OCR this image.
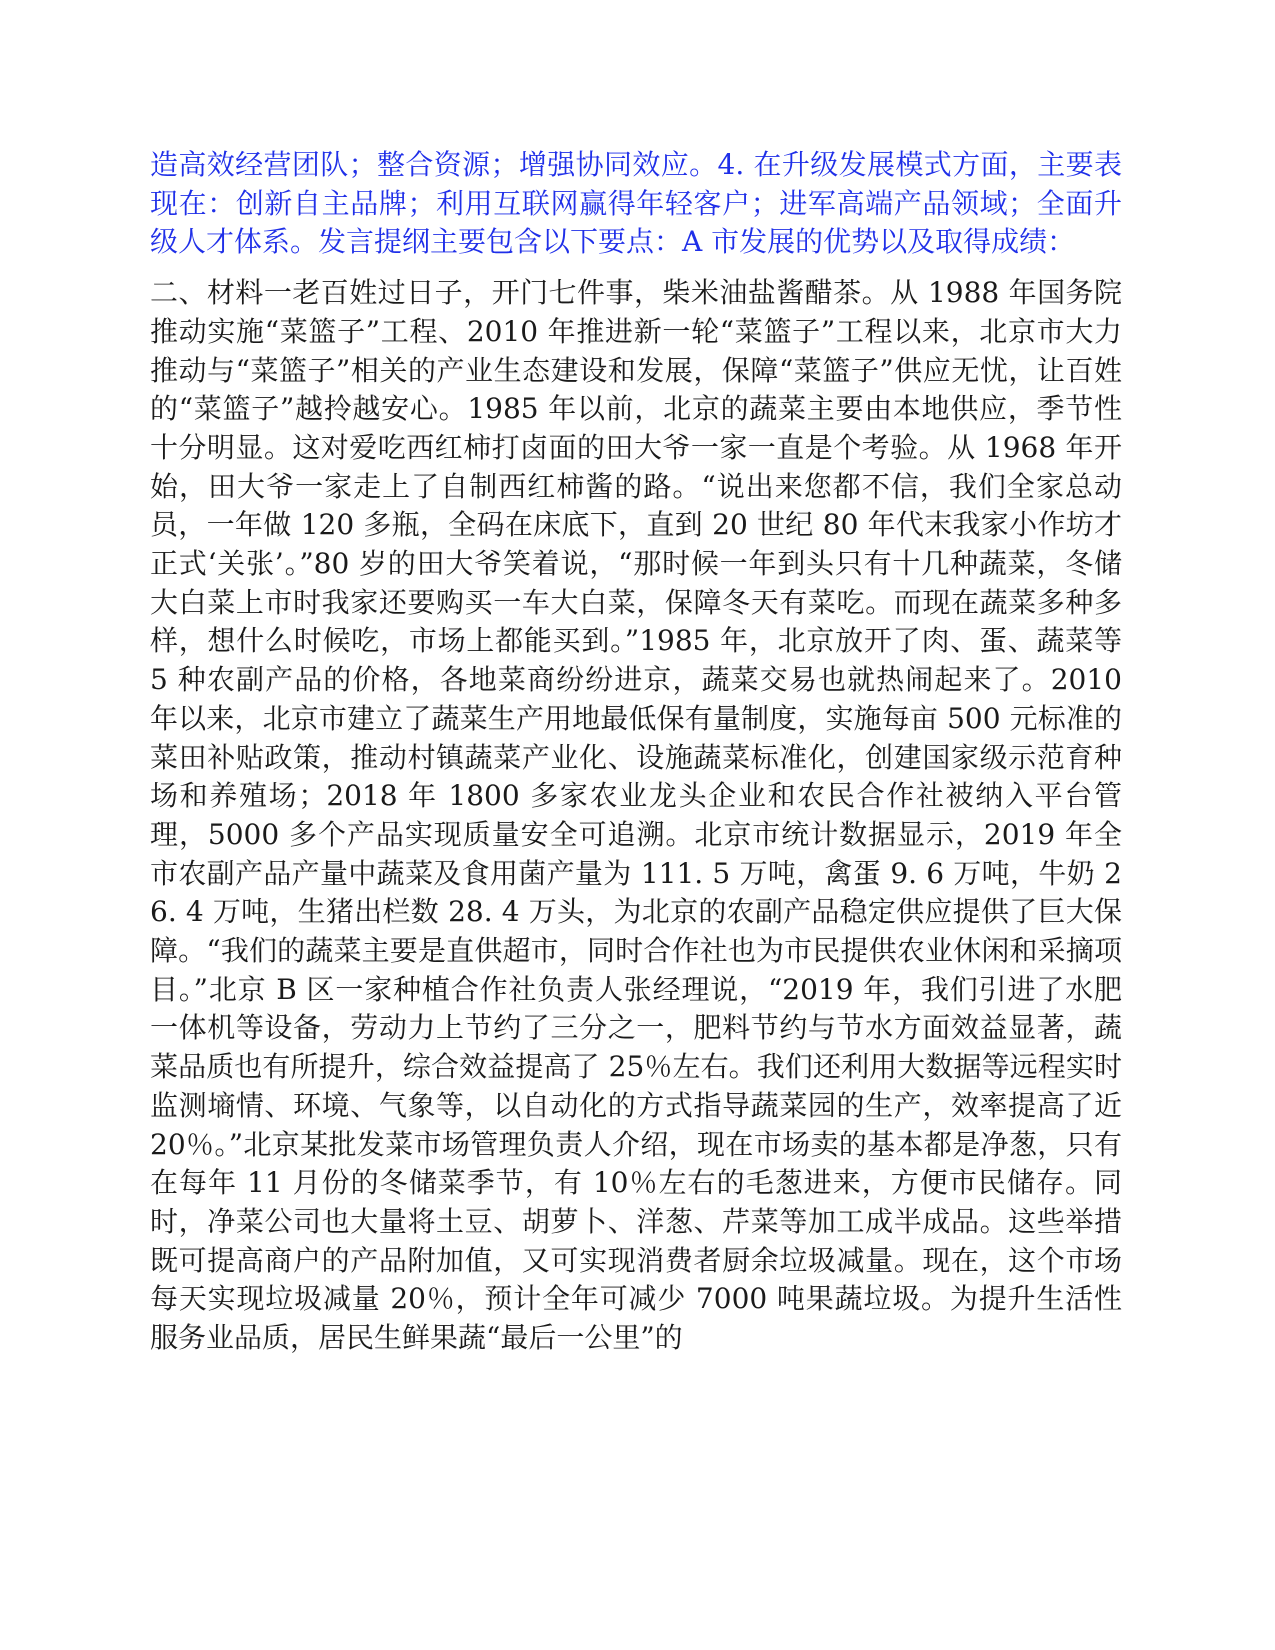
造高效经营团队；整合资源；增强协同效应。4. 在升级发展模式方面，主要表现在：创新自主品牌；利用互联网赢得年轻客户；进军高端产品领域；全面升级人才体系。发言提纲主要包含以下要点：A 市发展的优势以及取得成绩：

二、材料一老百姓过日子，开门七件事，柴米油盐酱醋茶。从 1988 年国务院推动实施“菜篮子”工程、2010 年推进新一轮“菜篮子”工程以来，北京市大力推动与“菜篮子”相关的产业生态建设和发展，保障“菜篮子”供应无忧，让百姓的“菜篮子”越拎越安心。1985 年以前，北京的蔬菜主要由本地供应，季节性十分明显。这对爱吃西红柿打卤面的田大爷一家一直是个考验。从 1968 年开始，田大爷一家走上了自制西红柿酱的路。“说出来您都不信，我们全家总动员，一年做 120 多瓶，全码在床底下，直到 20 世纪 80 年代末我家小作坊才正式‘关张’。”80 岁的田大爷笑着说，“那时候一年到头只有十几种蔬菜，冬储大白菜上市时我家还要购买一车大白菜，保障冬天有菜吃。而现在蔬菜多种多样，想什么时候吃，市场上都能买到。”1985 年，北京放开了肉、蛋、蔬菜等 5 种农副产品的价格，各地菜商纷纷进京，蔬菜交易也就热闹起来了。2010 年以来，北京市建立了蔬菜生产用地最低保有量制度，实施每亩 500 元标准的菜田补贴政策，推动村镇蔬菜产业化、设施蔬菜标准化，创建国家级示范育种场和养殖场；2018 年 1800 多家农业龙头企业和农民合作社被纳入平台管理，5000 多个产品实现质量安全可追溯。北京市统计数据显示，2019 年全市农副产品产量中蔬菜及食用菌产量为 111. 5 万吨，禽蛋 9. 6 万吨，牛奶 26. 4 万吨，生猪出栏数 28. 4 万头，为北京的农副产品稳定供应提供了巨大保障。“我们的蔬菜主要是直供超市，同时合作社也为市民提供农业休闲和采摘项目。”北京 B 区一家种植合作社负责人张经理说，“2019 年，我们引进了水肥一体机等设备，劳动力上节约了三分之一，肥料节约与节水方面效益显著，蔬菜品质也有所提升，综合效益提高了 25％左右。我们还利用大数据等远程实时监测墒情、环境、气象等，以自动化的方式指导蔬菜园的生产，效率提高了近 20％。”北京某批发菜市场管理负责人介绍，现在市场卖的基本都是净葱，只有在每年 11 月份的冬储菜季节，有 10％左右的毛葱进来，方便市民储存。同时，净菜公司也大量将土豆、胡萝卜、洋葱、芹菜等加工成半成品。这些举措既可提高商户的产品附加值，又可实现消费者厨余垃圾减量。现在，这个市场每天实现垃圾减量 20％，预计全年可减少 7000 吨果蔬垃圾。为提升生活性服务业品质，居民生鲜果蔬“最后一公里”的
